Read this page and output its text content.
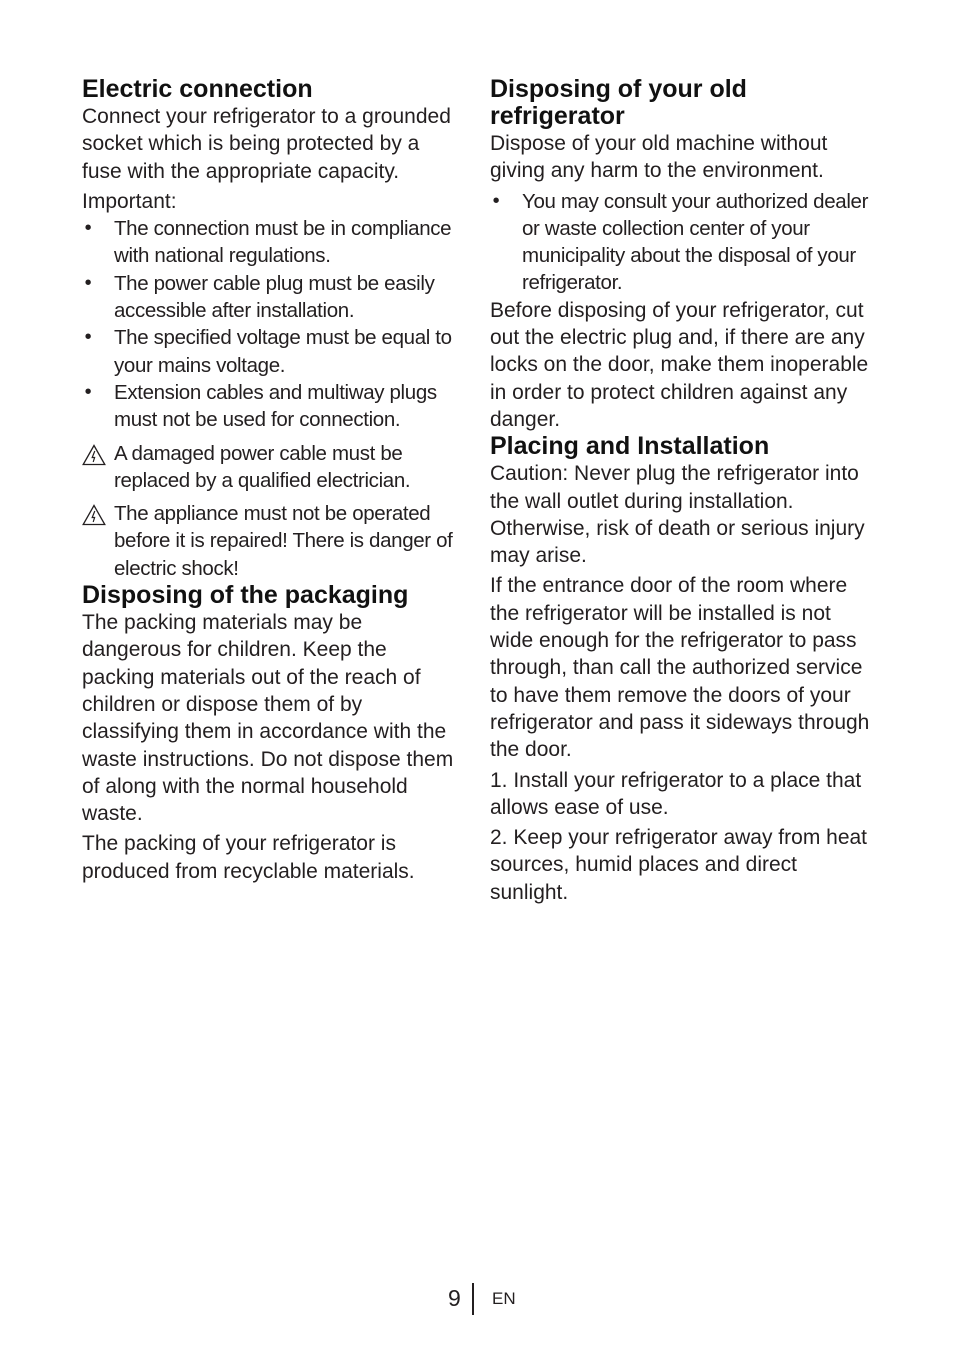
Electric connection

Connect your refrigerator to a grounded socket which is being protected by a fuse with the appropriate capacity.

Important:

• The connection must be in compliance with national regulations.
• The power cable plug must be easily accessible after installation.
• The specified voltage must be equal to your mains voltage.
• Extension cables and multiway plugs must not be used for connection.
A damaged power cable must be replaced by a qualified electrician.
The appliance must not be operated before it is repaired! There is danger of electric shock!
Disposing of the packaging

The packing materials may be dangerous for children. Keep the packing materials out of the reach of children or dispose them of by classifying them in accordance with the waste instructions. Do not dispose them of along with the normal household waste.

The packing of your refrigerator is produced from recyclable materials.

Disposing of your old refrigerator

Dispose of your old machine without giving any harm to the environment.

• You may consult your authorized dealer or waste collection center of your municipality about the disposal of your refrigerator.

Before disposing of your refrigerator, cut out the electric plug and, if there are any locks on the door, make them inoperable in order to protect children against any danger.

Placing and Installation

Caution: Never plug the refrigerator into the wall outlet during installation. Otherwise, risk of death or serious injury may arise.

If the entrance door of the room where the refrigerator will be installed is not wide enough for the refrigerator to pass through, than call the authorized service to have them remove the doors of your refrigerator and pass it sideways through the door.

1. Install your refrigerator to a place that allows ease of use.

2. Keep your refrigerator away from heat sources, humid places and direct sunlight.

9 EN
